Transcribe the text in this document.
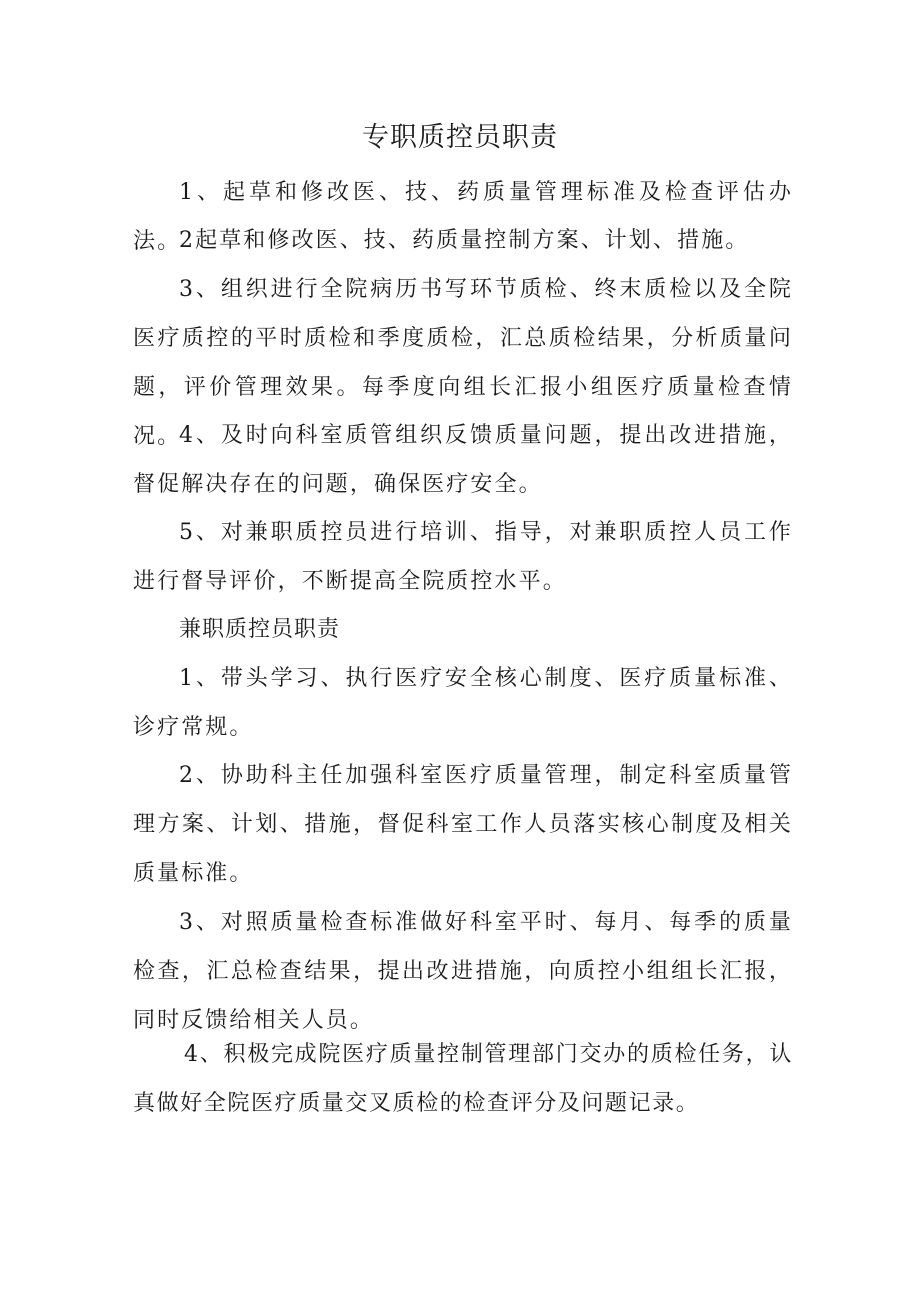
专职质控员职责

1、起草和修改医、技、药质量管理标准及检查评估办法。

2起草和修改医、技、药质量控制方案、计划、措施。

3、组织进行全院病历书写环节质检、终末质检以及全院医疗质控的平时质检和季度质检，汇总质检结果，分析质量问题，评价管理效果。每季度向组长汇报小组医疗质量检查情况。

4、及时向科室质管组织反馈质量问题，提出改进措施，督促解决存在的问题，确保医疗安全。

5、对兼职质控员进行培训、指导，对兼职质控人员工作进行督导评价，不断提高全院质控水平。

兼职质控员职责

1、带头学习、执行医疗安全核心制度、医疗质量标准、诊疗常规。

2、协助科主任加强科室医疗质量管理，制定科室质量管理方案、计划、措施，督促科室工作人员落实核心制度及相关质量标准。

3、对照质量检查标准做好科室平时、每月、每季的质量检查，汇总检查结果，提出改进措施，向质控小组组长汇报，同时反馈给相关人员。

4、积极完成院医疗质量控制管理部门交办的质检任务，认真做好全院医疗质量交叉质检的检查评分及问题记录。
